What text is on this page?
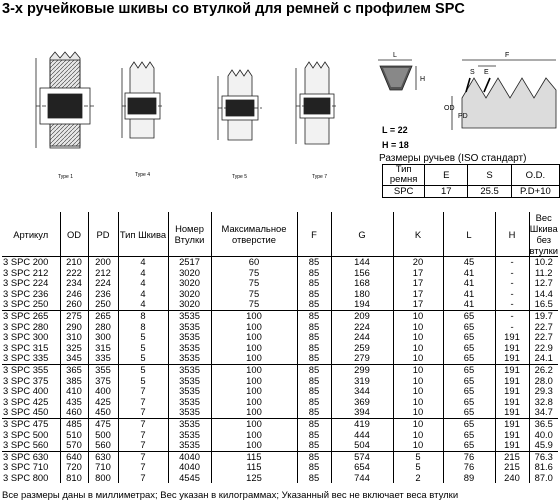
3-х ручейковые шкивы со втулкой для ремней с профилем SPC
Type 1	Type 4	Type 5	Type 7
L
H
F
E
S
OD
PD
L = 22
H = 18
Размеры ручьев (ISO стандарт)
Тип ремня	E	S	O.D.
SPC	17	25.5	P.D+10
Артикул	OD	PD	Тип Шкива	Номер Втулки	Максимальное отверстие	F	G	K	L	H	Вес Шкива без втулки
3 SPC 200	210	200	4	2517	60	85	144	20	45	-	10.2
3 SPC 212	222	212	4	3020	75	85	156	17	41	-	11.2
3 SPC 224	234	224	4	3020	75	85	168	17	41	-	12.7
3 SPC 236	246	236	4	3020	75	85	180	17	41	-	14.4
3 SPC 250	260	250	4	3020	75	85	194	17	41	-	16.5
3 SPC 265	275	265	8	3535	100	85	209	10	65	-	19.7
3 SPC 280	290	280	8	3535	100	85	224	10	65	-	22.7
3 SPC 300	310	300	5	3535	100	85	244	10	65	191	22.7
3 SPC 315	325	315	5	3535	100	85	259	10	65	191	22.9
3 SPC 335	345	335	5	3535	100	85	279	10	65	191	24.1
3 SPC 355	365	355	5	3535	100	85	299	10	65	191	26.2
3 SPC 375	385	375	5	3535	100	85	319	10	65	191	28.0
3 SPC 400	410	400	7	3535	100	85	344	10	65	191	29.3
3 SPC 425	435	425	7	3535	100	85	369	10	65	191	32.8
3 SPC 450	460	450	7	3535	100	85	394	10	65	191	34.7
3 SPC 475	485	475	7	3535	100	85	419	10	65	191	36.5
3 SPC 500	510	500	7	3535	100	85	444	10	65	191	40.0
3 SPC 560	570	560	7	3535	100	85	504	10	65	191	45.9
3 SPC 630	640	630	7	4040	115	85	574	5	76	215	76.3
3 SPC 710	720	710	7	4040	115	85	654	5	76	215	81.6
3 SPC 800	810	800	7	4545	125	85	744	2	89	240	87.0
Все размеры даны в миллиметрах; Вес указан в килограммах; Указанный вес не включает веса втулки
